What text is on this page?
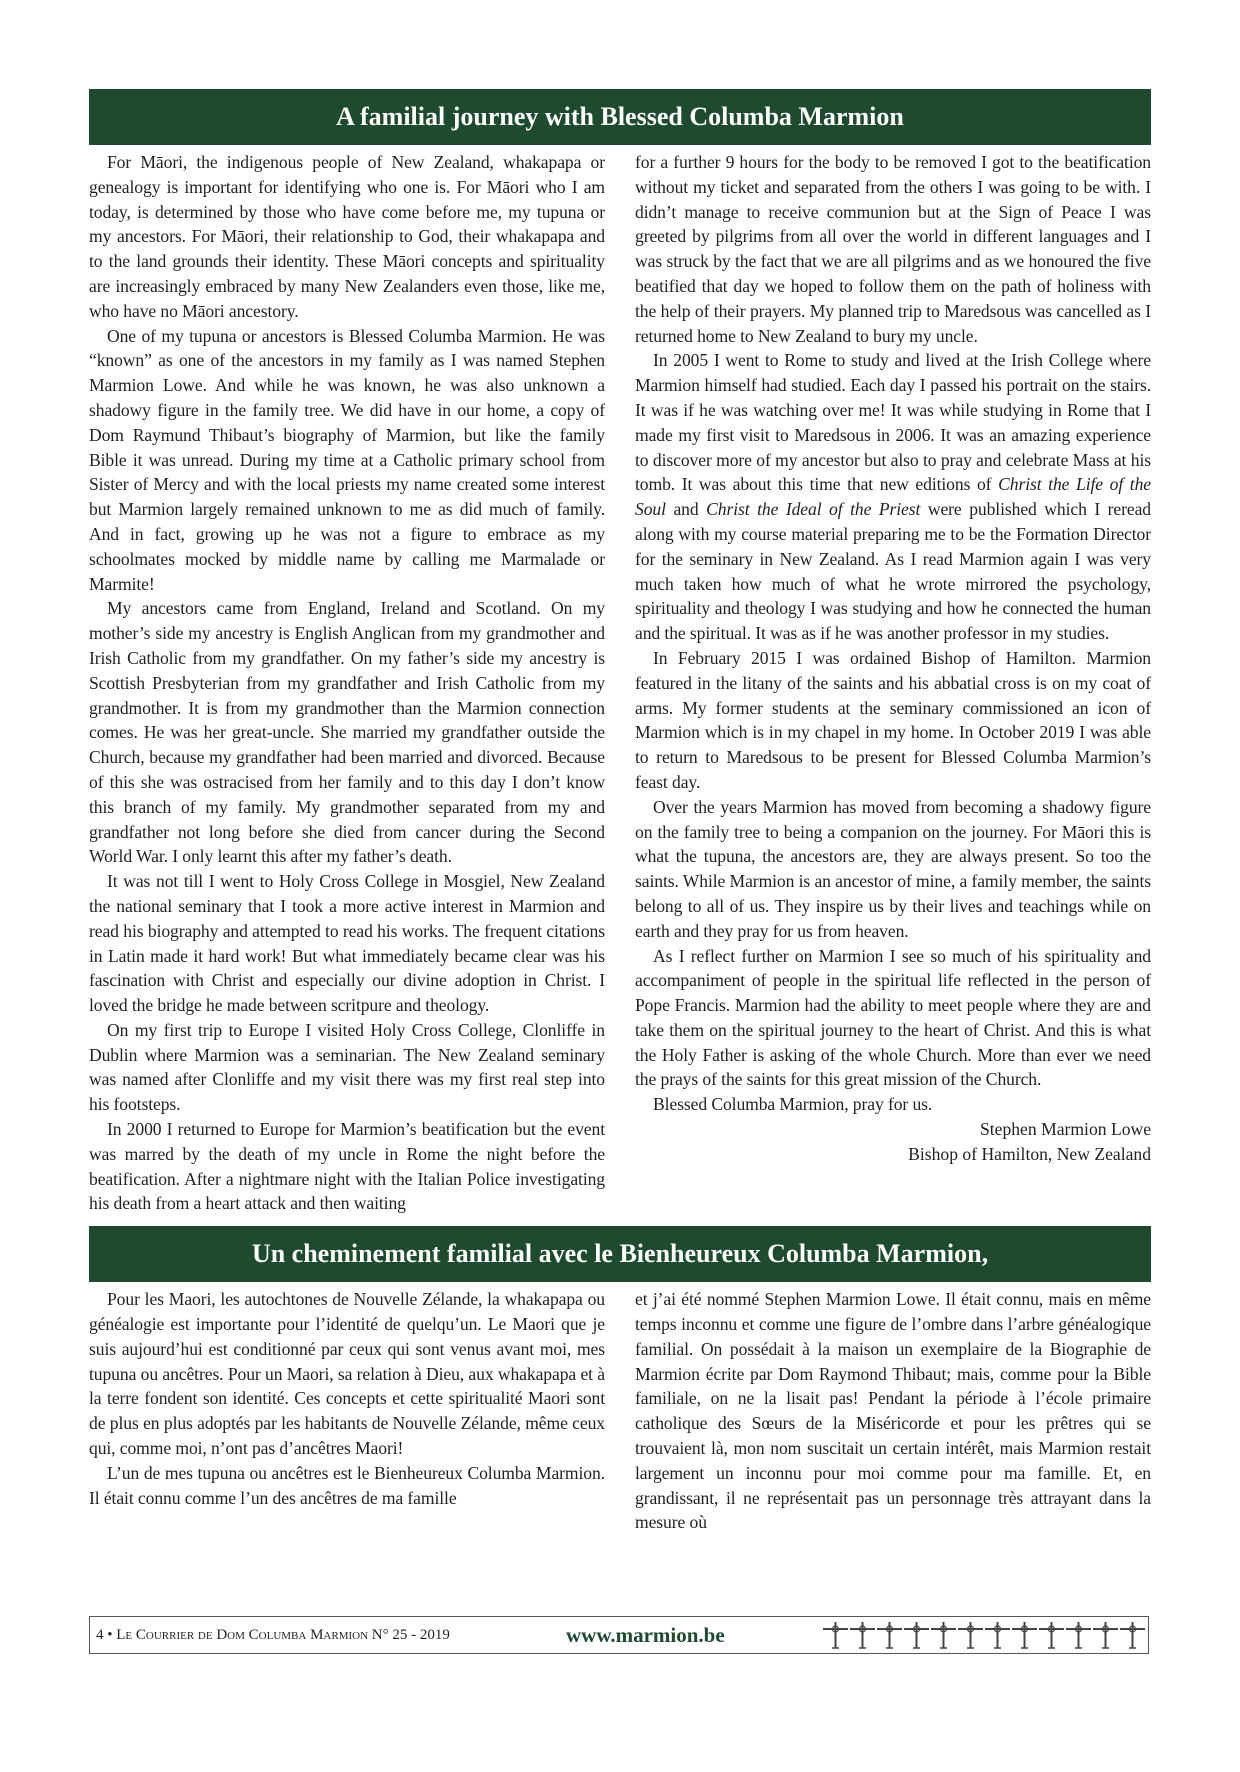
A familial journey with Blessed Columba Marmion

For Māori, the indigenous people of New Zealand, whakapapa or genealogy is important for identifying who one is. For Māori who I am today, is determined by those who have come before me, my tupuna or my ancestors. For Māori, their relationship to God, their whakapapa and to the land grounds their identity. These Māori concepts and spirituality are increasingly embraced by many New Zealanders even those, like me, who have no Māori ancestory.

One of my tupuna or ancestors is Blessed Columba Marmion. He was “known” as one of the ancestors in my family as I was named Stephen Marmion Lowe. And while he was known, he was also unknown a shadowy figure in the family tree. We did have in our home, a copy of Dom Raymund Thibaut’s biography of Marmion, but like the family Bible it was unread. During my time at a Catholic primary school from Sister of Mercy and with the local priests my name created some interest but Marmion largely remained unknown to me as did much of family. And in fact, growing up he was not a figure to embrace as my schoolmates mocked by middle name by calling me Marmalade or Marmite!

My ancestors came from England, Ireland and Scotland. On my mother’s side my ancestry is English Anglican from my grandmother and Irish Catholic from my grandfather. On my father’s side my ancestry is Scottish Presbyterian from my grandfather and Irish Catholic from my grandmother. It is from my grandmother than the Marmion connection comes. He was her great-uncle. She married my grandfather outside the Church, because my grandfather had been married and divorced. Because of this she was ostracised from her family and to this day I don’t know this branch of my family. My grandmother separated from my and grandfather not long before she died from cancer during the Second World War. I only learnt this after my father’s death.

It was not till I went to Holy Cross College in Mosgiel, New Zealand the national seminary that I took a more active interest in Marmion and read his biography and attempted to read his works. The frequent citations in Latin made it hard work! But what immediately became clear was his fascination with Christ and especially our divine adoption in Christ. I loved the bridge he made between scritpure and theology.

On my first trip to Europe I visited Holy Cross College, Clonliffe in Dublin where Marmion was a seminarian. The New Zealand seminary was named after Clonliffe and my visit there was my first real step into his footsteps.

In 2000 I returned to Europe for Marmion’s beatification but the event was marred by the death of my uncle in Rome the night before the beatification. After a nightmare night with the Italian Police investigating his death from a heart attack and then waiting

for a further 9 hours for the body to be removed I got to the beatification without my ticket and separated from the others I was going to be with. I didn’t manage to receive communion but at the Sign of Peace I was greeted by pilgrims from all over the world in different languages and I was struck by the fact that we are all pilgrims and as we honoured the five beatified that day we hoped to follow them on the path of holiness with the help of their prayers. My planned trip to Maredsous was cancelled as I returned home to New Zealand to bury my uncle.

In 2005 I went to Rome to study and lived at the Irish College where Marmion himself had studied. Each day I passed his portrait on the stairs. It was if he was watching over me! It was while studying in Rome that I made my first visit to Maredsous in 2006. It was an amazing experience to discover more of my ancestor but also to pray and celebrate Mass at his tomb. It was about this time that new editions of Christ the Life of the Soul and Christ the Ideal of the Priest were published which I reread along with my course material preparing me to be the Formation Director for the seminary in New Zealand. As I read Marmion again I was very much taken how much of what he wrote mirrored the psychology, spirituality and theology I was studying and how he connected the human and the spiritual. It was as if he was another professor in my studies.

In February 2015 I was ordained Bishop of Hamilton. Marmion featured in the litany of the saints and his abbatial cross is on my coat of arms. My former students at the seminary commissioned an icon of Marmion which is in my chapel in my home. In October 2019 I was able to return to Maredsous to be present for Blessed Columba Marmion’s feast day.

Over the years Marmion has moved from becoming a shadowy figure on the family tree to being a companion on the journey. For Māori this is what the tupuna, the ancestors are, they are always present. So too the saints. While Marmion is an ancestor of mine, a family member, the saints belong to all of us. They inspire us by their lives and teachings while on earth and they pray for us from heaven.

As I reflect further on Marmion I see so much of his spirituality and accompaniment of people in the spiritual life reflected in the person of Pope Francis. Marmion had the ability to meet people where they are and take them on the spiritual journey to the heart of Christ. And this is what the Holy Father is asking of the whole Church. More than ever we need the prays of the saints for this great mission of the Church.

Blessed Columba Marmion, pray for us.

Stephen Marmion Lowe
Bishop of Hamilton, New Zealand
Un cheminement familial avec le Bienheureux Columba Marmion,

Pour les Maori, les autochtones de Nouvelle Zélande, la whakapapa ou généalogie est importante pour l’identité de quelqu’un. Le Maori que je suis aujourd’hui est conditionné par ceux qui sont venus avant moi, mes tupuna ou ancêtres. Pour un Maori, sa relation à Dieu, aux whakapapa et à la terre fondent son identité. Ces concepts et cette spiritualité Maori sont de plus en plus adoptés par les habitants de Nouvelle Zélande, même ceux qui, comme moi, n’ont pas d’ancêtres Maori!

L’un de mes tupuna ou ancêtres est le Bienheureux Columba Marmion. Il était connu comme l’un des ancêtres de ma famille

et j’ai été nommé Stephen Marmion Lowe. Il était connu, mais en même temps inconnu et comme une figure de l’ombre dans l’arbre généalogique familial. On possédait à la maison un exemplaire de la Biographie de Marmion écrite par Dom Raymond Thibaut; mais, comme pour la Bible familiale, on ne la lisait pas! Pendant la période à l’école primaire catholique des Sœurs de la Miséricorde et pour les prêtres qui se trouvaient là, mon nom suscitait un certain intérêt, mais Marmion restait largement un inconnu pour moi comme pour ma famille. Et, en grandissant, il ne représentait pas un personnage très attrayant dans la mesure où

4 • Le Courrier de Dom Columba Marmion N° 25 - 2019	www.marmion.be
